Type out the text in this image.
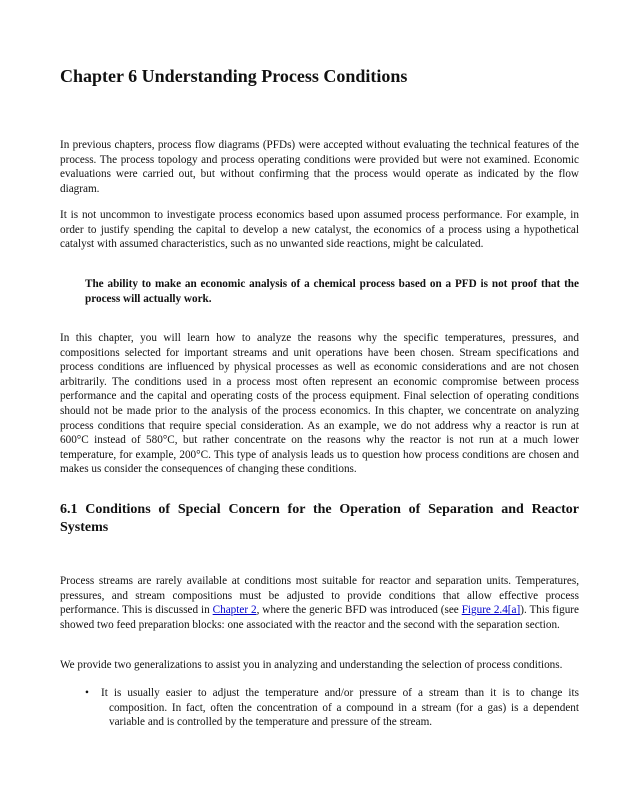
Chapter 6 Understanding Process Conditions

In previous chapters, process flow diagrams (PFDs) were accepted without evaluating the technical features of the process. The process topology and process operating conditions were provided but were not examined. Economic evaluations were carried out, but without confirming that the process would operate as indicated by the flow diagram.

It is not uncommon to investigate process economics based upon assumed process performance. For example, in order to justify spending the capital to develop a new catalyst, the economics of a process using a hypothetical catalyst with assumed characteristics, such as no unwanted side reactions, might be calculated.

The ability to make an economic analysis of a chemical process based on a PFD is not proof that the process will actually work.

In this chapter, you will learn how to analyze the reasons why the specific temperatures, pressures, and compositions selected for important streams and unit operations have been chosen. Stream specifications and process conditions are influenced by physical processes as well as economic considerations and are not chosen arbitrarily. The conditions used in a process most often represent an economic compromise between process performance and the capital and operating costs of the process equipment. Final selection of operating conditions should not be made prior to the analysis of the process economics. In this chapter, we concentrate on analyzing process conditions that require special consideration. As an example, we do not address why a reactor is run at 600°C instead of 580°C, but rather concentrate on the reasons why the reactor is not run at a much lower temperature, for example, 200°C. This type of analysis leads us to question how process conditions are chosen and makes us consider the consequences of changing these conditions.

6.1 Conditions of Special Concern for the Operation of Separation and Reactor Systems

Process streams are rarely available at conditions most suitable for reactor and separation units. Temperatures, pressures, and stream compositions must be adjusted to provide conditions that allow effective process performance. This is discussed in Chapter 2, where the generic BFD was introduced (see Figure 2.4[a]). This figure showed two feed preparation blocks: one associated with the reactor and the second with the separation section.

We provide two generalizations to assist you in analyzing and understanding the selection of process conditions.

• It is usually easier to adjust the temperature and/or pressure of a stream than it is to change its composition. In fact, often the concentration of a compound in a stream (for a gas) is a dependent variable and is controlled by the temperature and pressure of the stream.
